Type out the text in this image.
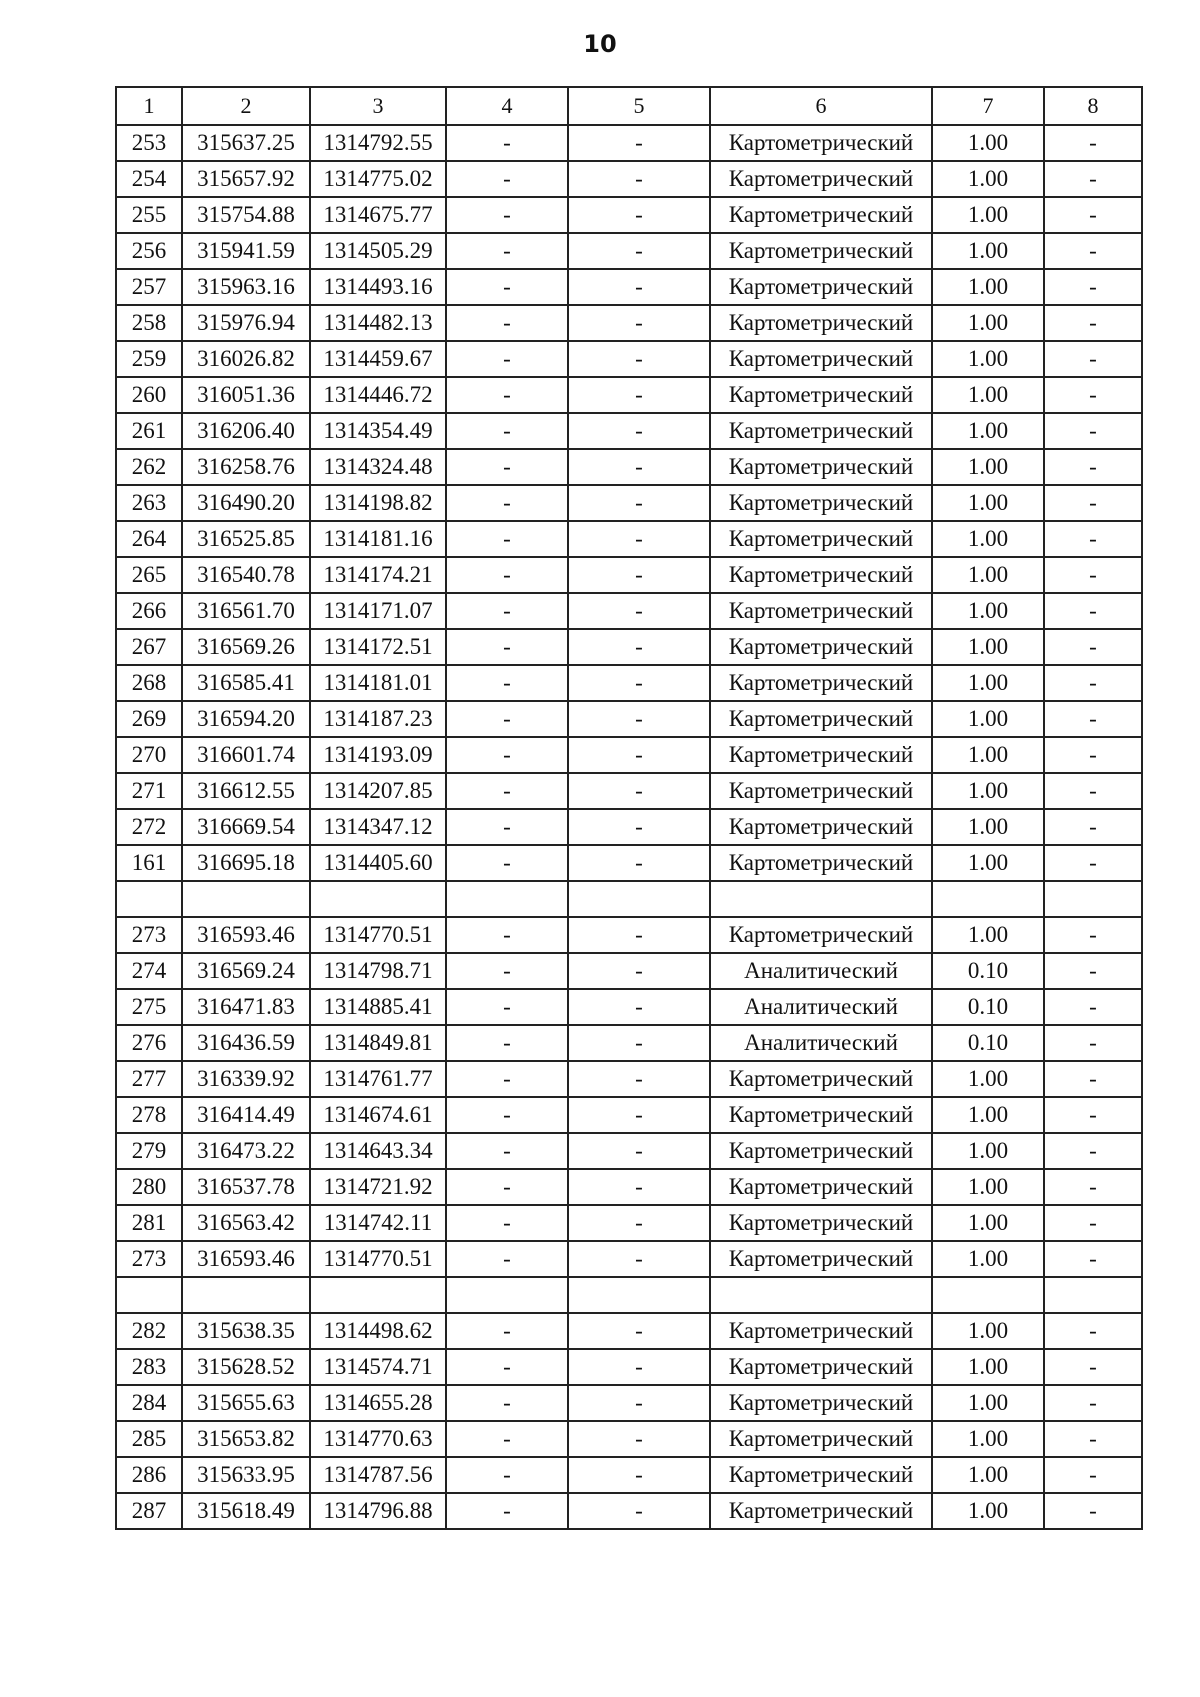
10
1	2	3	4	5	6	7	8
253	315637.25	1314792.55	-	-	Картометрический	1.00	-
254	315657.92	1314775.02	-	-	Картометрический	1.00	-
255	315754.88	1314675.77	-	-	Картометрический	1.00	-
256	315941.59	1314505.29	-	-	Картометрический	1.00	-
257	315963.16	1314493.16	-	-	Картометрический	1.00	-
258	315976.94	1314482.13	-	-	Картометрический	1.00	-
259	316026.82	1314459.67	-	-	Картометрический	1.00	-
260	316051.36	1314446.72	-	-	Картометрический	1.00	-
261	316206.40	1314354.49	-	-	Картометрический	1.00	-
262	316258.76	1314324.48	-	-	Картометрический	1.00	-
263	316490.20	1314198.82	-	-	Картометрический	1.00	-
264	316525.85	1314181.16	-	-	Картометрический	1.00	-
265	316540.78	1314174.21	-	-	Картометрический	1.00	-
266	316561.70	1314171.07	-	-	Картометрический	1.00	-
267	316569.26	1314172.51	-	-	Картометрический	1.00	-
268	316585.41	1314181.01	-	-	Картометрический	1.00	-
269	316594.20	1314187.23	-	-	Картометрический	1.00	-
270	316601.74	1314193.09	-	-	Картометрический	1.00	-
271	316612.55	1314207.85	-	-	Картометрический	1.00	-
272	316669.54	1314347.12	-	-	Картометрический	1.00	-
161	316695.18	1314405.60	-	-	Картометрический	1.00	-

273	316593.46	1314770.51	-	-	Картометрический	1.00	-
274	316569.24	1314798.71	-	-	Аналитический	0.10	-
275	316471.83	1314885.41	-	-	Аналитический	0.10	-
276	316436.59	1314849.81	-	-	Аналитический	0.10	-
277	316339.92	1314761.77	-	-	Картометрический	1.00	-
278	316414.49	1314674.61	-	-	Картометрический	1.00	-
279	316473.22	1314643.34	-	-	Картометрический	1.00	-
280	316537.78	1314721.92	-	-	Картометрический	1.00	-
281	316563.42	1314742.11	-	-	Картометрический	1.00	-
273	316593.46	1314770.51	-	-	Картометрический	1.00	-

282	315638.35	1314498.62	-	-	Картометрический	1.00	-
283	315628.52	1314574.71	-	-	Картометрический	1.00	-
284	315655.63	1314655.28	-	-	Картометрический	1.00	-
285	315653.82	1314770.63	-	-	Картометрический	1.00	-
286	315633.95	1314787.56	-	-	Картометрический	1.00	-
287	315618.49	1314796.88	-	-	Картометрический	1.00	-
